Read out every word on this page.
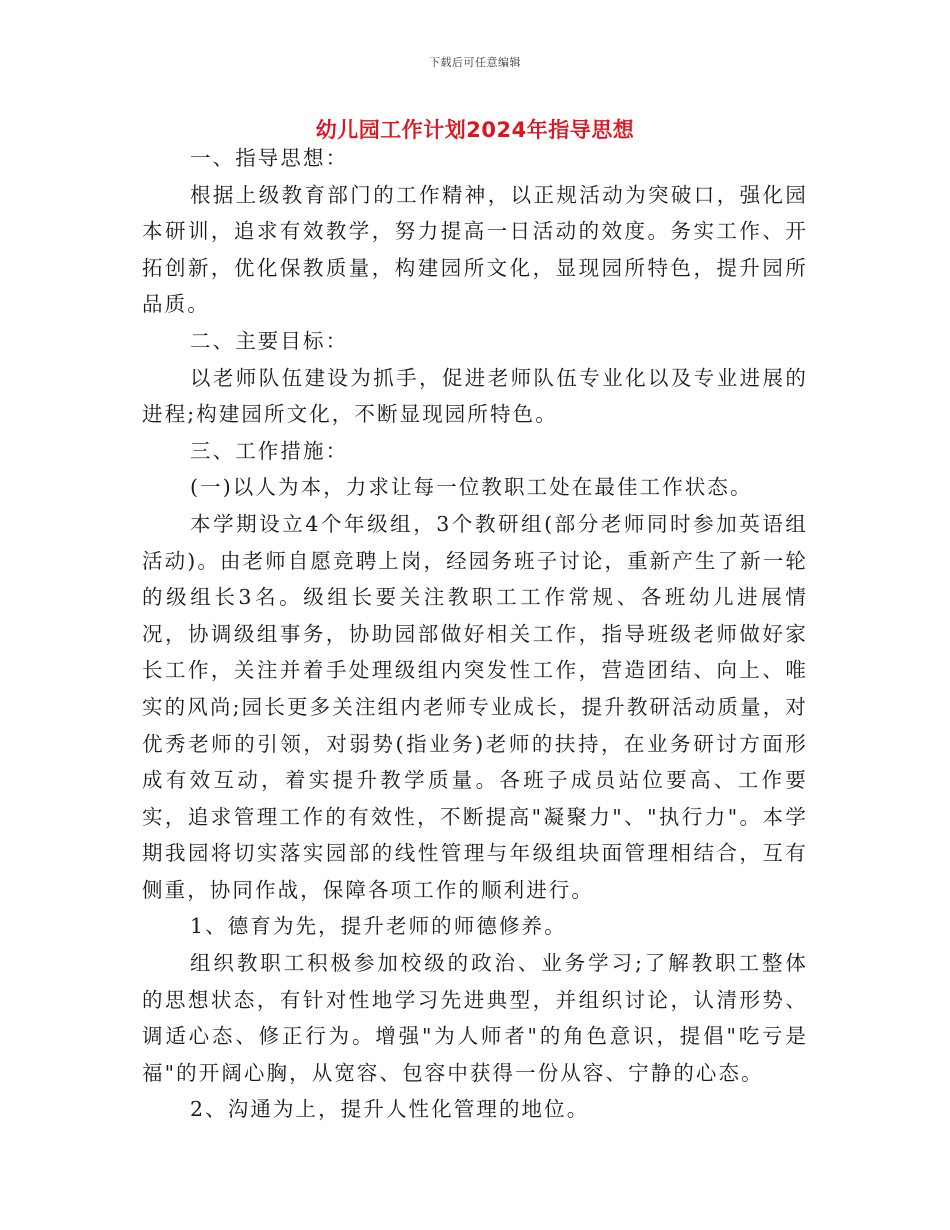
下载后可任意编辑
幼儿园工作计划2024年指导思想

一、指导思想：

根据上级教育部门的工作精神，以正规活动为突破口，强化园本研训，追求有效教学，努力提高一日活动的效度。务实工作、开拓创新，优化保教质量，构建园所文化，显现园所特色，提升园所品质。

二、主要目标：

以老师队伍建设为抓手，促进老师队伍专业化以及专业进展的进程;构建园所文化，不断显现园所特色。

三、工作措施：

(一)以人为本，力求让每一位教职工处在最佳工作状态。

本学期设立4个年级组，3个教研组(部分老师同时参加英语组活动)。由老师自愿竞聘上岗，经园务班子讨论，重新产生了新一轮的级组长3名。级组长要关注教职工工作常规、各班幼儿进展情况，协调级组事务，协助园部做好相关工作，指导班级老师做好家长工作，关注并着手处理级组内突发性工作，营造团结、向上、唯实的风尚;园长更多关注组内老师专业成长，提升教研活动质量，对优秀老师的引领，对弱势(指业务)老师的扶持，在业务研讨方面形成有效互动，着实提升教学质量。各班子成员站位要高、工作要实，追求管理工作的有效性，不断提高"凝聚力"、"执行力"。本学期我园将切实落实园部的线性管理与年级组块面管理相结合，互有侧重，协同作战，保障各项工作的顺利进行。

1、德育为先，提升老师的师德修养。

组织教职工积极参加校级的政治、业务学习;了解教职工整体的思想状态，有针对性地学习先进典型，并组织讨论，认清形势、调适心态、修正行为。增强"为人师者"的角色意识，提倡"吃亏是福"的开阔心胸，从宽容、包容中获得一份从容、宁静的心态。

2、沟通为上，提升人性化管理的地位。
